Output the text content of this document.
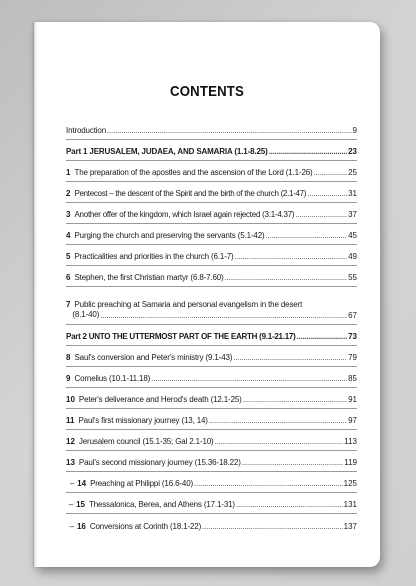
CONTENTS
Introduction .....	9
Part 1 JERUSALEM, JUDAEA, AND SAMARIA (1.1-8.25) .....	23
1 The preparation of the apostles and the ascension of the Lord (1.1-26) .....	25
2 Pentecost – the descent of the Spirit and the birth of the church (2.1-47) .....	31
3 Another offer of the kingdom, which Israel again rejected (3.1-4.37) .....	37
4 Purging the church and preserving the servants (5.1-42) .....	45
5 Practicalities and priorities in the church (6.1-7) .....	49
6 Stephen, the first Christian martyr (6.8-7.60) .....	55
7 Public preaching at Samaria and personal evangelism in the desert
(8.1-40) .....	67
Part 2 UNTO THE UTTERMOST PART OF THE EARTH (9.1-21.17) .....	73
8 Saul's conversion and Peter's ministry (9.1-43) .....	79
9 Cornelius (10.1-11.18) .....	85
10 Peter's deliverance and Herod's death (12.1-25) .....	91
11 Paul's first missionary journey (13, 14) .....	97
12 Jerusalem council (15.1-35; Gal 2.1-10) .....	113
13 Paul's second missionary journey (15.36-18.22) .....	119
– 14 Preaching at Philippi (16.6-40) .....	125
– 15 Thessalonica, Berea, and Athens (17.1-31) .....	131
– 16 Conversions at Corinth (18.1-22) .....	137
